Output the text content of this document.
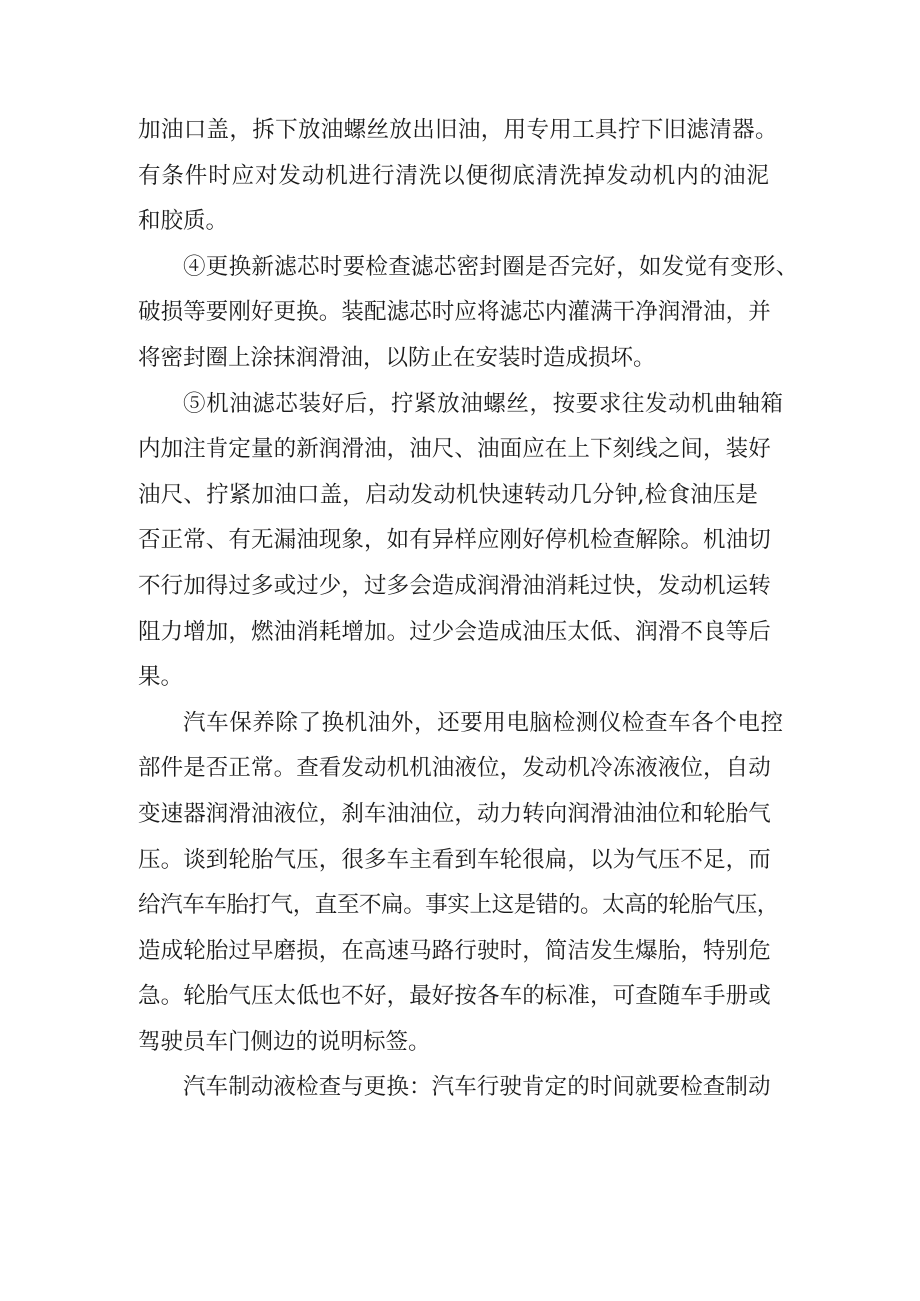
加油口盖，拆下放油螺丝放出旧油，用专用工具拧下旧滤清器。
有条件时应对发动机进行清洗以便彻底清洗掉发动机内的油泥
和胶质。
④更换新滤芯时要检查滤芯密封圈是否完好，如发觉有变形、
破损等要刚好更换。装配滤芯时应将滤芯内灌满干净润滑油，并
将密封圈上涂抹润滑油，以防止在安装时造成损坏。
⑤机油滤芯装好后，拧紧放油螺丝，按要求往发动机曲轴箱
内加注肯定量的新润滑油，油尺、油面应在上下刻线之间，装好
油尺、拧紧加油口盖，启动发动机快速转动几分钟,检食油压是
否正常、有无漏油现象，如有异样应刚好停机检查解除。机油切
不行加得过多或过少，过多会造成润滑油消耗过快，发动机运转
阻力增加，燃油消耗增加。过少会造成油压太低、润滑不良等后
果。
汽车保养除了换机油外，还要用电脑检测仪检查车各个电控
部件是否正常。查看发动机机油液位，发动机冷冻液液位，自动
变速器润滑油液位，刹车油油位，动力转向润滑油油位和轮胎气
压。谈到轮胎气压，很多车主看到车轮很扁，以为气压不足，而
给汽车车胎打气，直至不扁。事实上这是错的。太高的轮胎气压，
造成轮胎过早磨损，在高速马路行驶时，简洁发生爆胎，特别危
急。轮胎气压太低也不好，最好按各车的标准，可查随车手册或
驾驶员车门侧边的说明标签。
汽车制动液检查与更换：汽车行驶肯定的时间就要检查制动
